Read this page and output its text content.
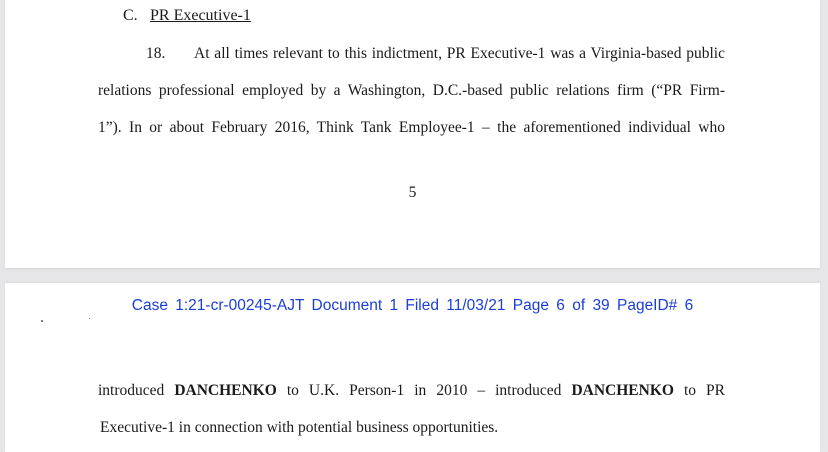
C. PR Executive-1
18. At all times relevant to this indictment, PR Executive-1 was a Virginia-based public
relations professional employed by a Washington, D.C.-based public relations firm (“PR Firm-
1”). In or about February 2016, Think Tank Employee-1 – the aforementioned individual who
5
Case 1:21-cr-00245-AJT Document 1 Filed 11/03/21 Page 6 of 39 PageID# 6
introduced DANCHENKO to U.K. Person-1 in 2010 – introduced DANCHENKO to PR
Executive-1 in connection with potential business opportunities.
